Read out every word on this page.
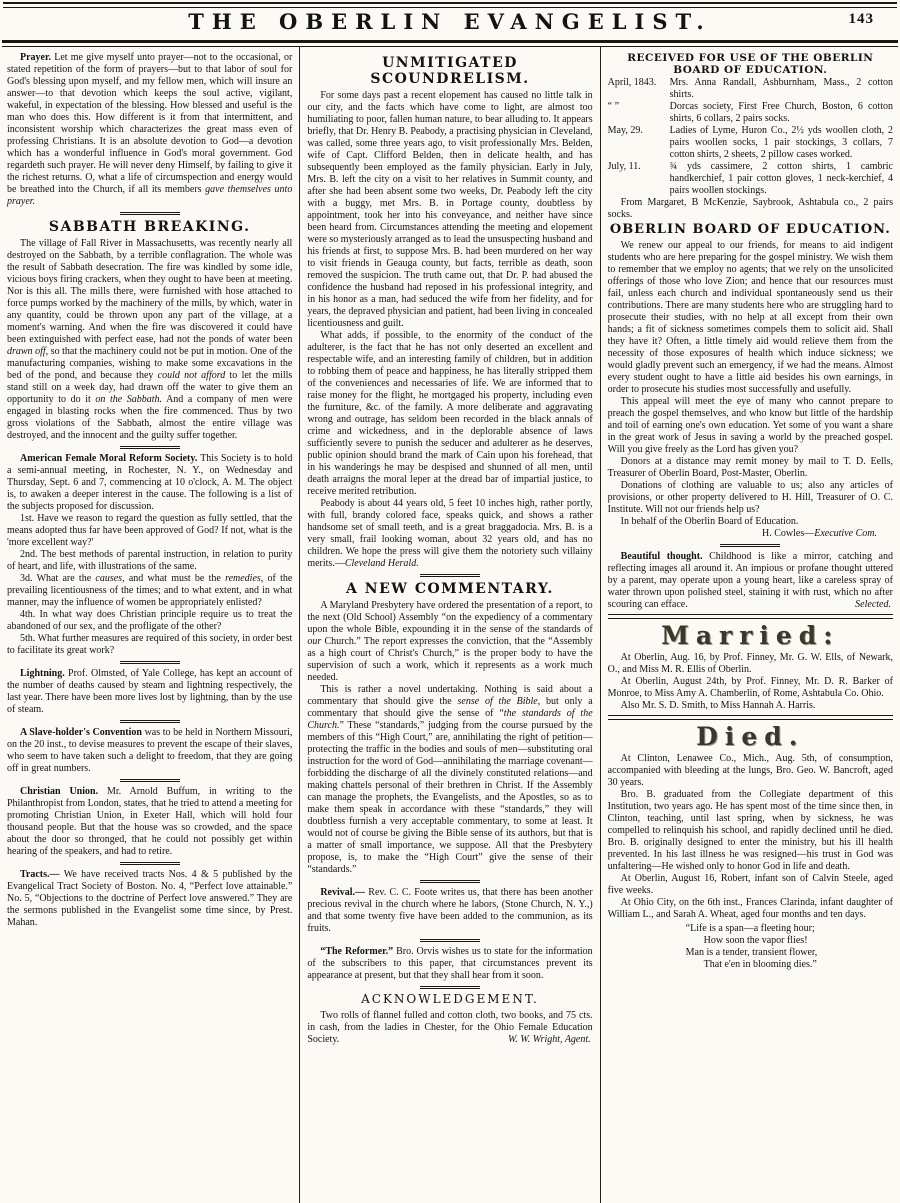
THE OBERLIN EVANGELIST.	143

Prayer. Let me give myself unto prayer—not to the occasional, or stated repetition of the form of prayers—but to that labor of soul for God's blessing upon myself, and my fellow men, which will insure an answer—to that devotion which keeps the soul active, vigilant, wakeful, in expectation of the blessing. How blessed and useful is the man who does this. How different is it from that intermittent, and inconsistent worship which characterizes the great mass even of professing Christians. It is an absolute devotion to God—a devotion which has a wonderful influence in God's moral government. God regardeth such prayer. He will never deny Himself, by failing to give it the richest returns. O, what a life of circumspection and energy would be breathed into the Church, if all its members gave themselves unto prayer.

SABBATH BREAKING.

The village of Fall River in Massachusetts, was recently nearly all destroyed on the Sabbath, by a terrible conflagration. The whole was the result of Sabbath desecration. The fire was kindled by some idle, vicious boys firing crackers, when they ought to have been at meeting. Nor is this all. The mills there, were furnished with hose attached to force pumps worked by the machinery of the mills, by which, water in any quantity, could be thrown upon any part of the village, at a moment's warning. And when the fire was discovered it could have been extinguished with perfect ease, had not the ponds of water been drawn off, so that the machinery could not be put in motion. One of the manufacturing companies, wishing to make some excavations in the bed of the pond, and because they could not afford to let the mills stand still on a week day, had drawn off the water to give them an opportunity to do it on the Sabbath. And a company of men were engaged in blasting rocks when the fire commenced. Thus by two gross violations of the Sabbath, almost the entire village was destroyed, and the innocent and the guilty suffer together.

American Female Moral Reform Society. This Society is to hold a semi-annual meeting, in Rochester, N. Y., on Wednesday and Thursday, Sept. 6 and 7, commencing at 10 o'clock, A. M. The object is, to awaken a deeper interest in the cause. The following is a list of the subjects proposed for discussion.

1st. Have we reason to regard the question as fully settled, that the means adopted thus far have been approved of God? If not, what is the 'more excellent way?'

2nd. The best methods of parental instruction, in relation to purity of heart, and life, with illustrations of the same.

3d. What are the causes, and what must be the remedies, of the prevailing licentiousness of the times; and to what extent, and in what manner, may the influence of women be appropriately enlisted?

4th. In what way does Christian principle require us to treat the abandoned of our sex, and the profligate of the other?

5th. What further measures are required of this society, in order best to facilitate its great work?

Lightning. Prof. Olmsted, of Yale College, has kept an account of the number of deaths caused by steam and lightning respectively, the last year. There have been more lives lost by lightning, than by the use of steam.

A Slave-holder's Convention was to be held in Northern Missouri, on the 20 inst., to devise measures to prevent the escape of their slaves, who seem to have taken such a delight to freedom, that they are going off in great numbers.

Christian Union. Mr. Arnold Buffum, in writing to the Philanthropist from London, states, that he tried to attend a meeting for promoting Christian Union, in Exeter Hall, which will hold four thousand people. But that the house was so crowded, and the space about the door so thronged, that he could not possibly get within hearing of the speakers, and had to retire.

Tracts.— We have received tracts Nos. 4 & 5 published by the Evangelical Tract Society of Boston. No. 4, “Perfect love attainable.” No. 5, “Objections to the doctrine of Perfect love answered.” They are the sermons published in the Evangelist some time since, by Prest. Mahan.

UNMITIGATED SCOUNDRELISM.

For some days past a recent elopement has caused no little talk in our city, and the facts which have come to light, are almost too humiliating to poor, fallen human nature, to bear alluding to. It appears briefly, that Dr. Henry B. Peabody, a practising physician in Cleveland, was called, some three years ago, to visit professionally Mrs. Belden, wife of Capt. Clifford Belden, then in delicate health, and has subsequently been employed as the family physician. Early in July, Mrs. B. left the city on a visit to her relatives in Summit county, and after she had been absent some two weeks, Dr. Peabody left the city with a buggy, met Mrs. B. in Portage county, doubtless by appointment, took her into his conveyance, and neither have since been heard from. Circumstances attending the meeting and elopement were so mysteriously arranged as to lead the unsuspecting husband and his friends at first, to suppose Mrs. B. had been murdered on her way to visit friends in Geauga county, but facts, terrible as death, soon removed the suspicion. The truth came out, that Dr. P. had abused the confidence the husband had reposed in his professional integrity, and in his honor as a man, had seduced the wife from her fidelity, and for years, the depraved physician and patient, had been living in concealed licentiousness and guilt.

What adds, if possible, to the enormity of the conduct of the adulterer, is the fact that he has not only deserted an excellent and respectable wife, and an interesting family of children, but in addition to robbing them of peace and happiness, he has literally stripped them of the conveniences and necessaries of life. We are informed that to raise money for the flight, he mortgaged his property, including even the furniture, &c. of the family. A more deliberate and aggravating wrong and outrage, has seldom been recorded in the black annals of crime and wickedness, and in the deplorable absence of laws sufficiently severe to punish the seducer and adulterer as he deserves, public opinion should brand the mark of Cain upon his forehead, that in his wanderings he may be despised and shunned of all men, until death arraigns the moral leper at the dread bar of impartial justice, to receive merited retribution.

Peabody is about 44 years old, 5 feet 10 inches high, rather portly, with full, brandy colored face, speaks quick, and shows a rather handsome set of small teeth, and is a great braggadocia. Mrs. B. is a very small, frail looking woman, about 32 years old, and has no children. We hope the press will give them the notoriety such villainy merits.—Cleveland Herald.

A NEW COMMENTARY.

A Maryland Presbytery have ordered the presentation of a report, to the next (Old School) Assembly “on the expediency of a commentary upon the whole Bible, expounding it in the sense of the standards of our Church.” The report expresses the conviction, that the “Assembly as a high court of Christ's Church,” is the proper body to have the supervision of such a work, which it represents as a work much needed.

This is rather a novel undertaking. Nothing is said about a commentary that should give the sense of the Bible, but only a commentary that should give the sense of “the standards of the Church.” These “standards,” judging from the course pursued by the members of this “High Court,” are, annihilating the right of petition—protecting the traffic in the bodies and souls of men—substituting oral instruction for the word of God—annihilating the marriage covenant—forbidding the discharge of all the divinely constituted relations—and making chattels personal of their brethren in Christ. If the Assembly can manage the prophets, the Evangelists, and the Apostles, so as to make them speak in accordance with these “standards,” they will doubtless furnish a very acceptable commentary, to some at least. It would not of course be giving the Bible sense of its authors, but that is a matter of small importance, we suppose. All that the Presbytery propose, is, to make the “High Court” give the sense of their “standards.”

Revival.— Rev. C. C. Foote writes us, that there has been another precious revival in the church where he labors, (Stone Church, N. Y.,) and that some twenty five have been added to the communion, as its fruits.

“The Reformer.” Bro. Orvis wishes us to state for the information of the subscribers to this paper, that circumstances prevent its appearance at present, but that they shall hear from it soon.

ACKNOWLEDGEMENT.

Two rolls of flannel fulled and cotton cloth, two books, and 75 cts. in cash, from the ladies in Chester, for the Ohio Female Education Society.	W. W. Wright, Agent.

RECEIVED FOR USE OF THE OBERLIN BOARD OF EDUCATION.
April, 1843.	Mrs. Anna Randall, Ashburnham, Mass., 2 cotton shirts.
“ ”	Dorcas society, First Free Church, Boston, 6 cotton shirts, 6 collars, 2 pairs socks.
May, 29.	Ladies of Lyme, Huron Co., 2½ yds woollen cloth, 2 pairs woollen socks, 1 pair stockings, 3 collars, 7 cotton shirts, 2 sheets, 2 pillow cases worked.
July, 11.	¾ yds cassimere, 2 cotton shirts, 1 cambric handkerchief, 1 pair cotton gloves, 1 neck-kerchief, 4 pairs woollen stockings.

From Margaret, B McKenzie, Saybrook, Ashtabula co., 2 pairs socks.

OBERLIN BOARD OF EDUCATION.

We renew our appeal to our friends, for means to aid indigent students who are here preparing for the gospel ministry. We wish them to remember that we employ no agents; that we rely on the unsolicited offerings of those who love Zion; and hence that our resources must fail, unless each church and individual spontaneously send us their contributions. There are many students here who are struggling hard to prosecute their studies, with no help at all except from their own hands; a fit of sickness sometimes compels them to solicit aid. Shall they have it? Often, a little timely aid would relieve them from the necessity of those exposures of health which induce sickness; we would gladly prevent such an emergency, if we had the means. Almost every student ought to have a little aid besides his own earnings, in order to prosecute his studies most successfully and usefully.

This appeal will meet the eye of many who cannot prepare to preach the gospel themselves, and who know but little of the hardship and toil of earning one's own education. Yet some of you want a share in the great work of Jesus in saving a world by the preached gospel. Will you give freely as the Lord has given you?

Donors at a distance may remit money by mail to T. D. Eells, Treasurer of Oberlin Board, Post-Master, Oberlin.

Donations of clothing are valuable to us; also any articles of provisions, or other property delivered to H. Hill, Treasurer of O. C. Institute. Will not our friends help us?

In behalf of the Oberlin Board of Education.

H. Cowles—Executive Com.

Beautiful thought. Childhood is like a mirror, catching and reflecting images all around it. An impious or profane thought uttered by a parent, may operate upon a young heart, like a careless spray of water thrown upon polished steel, staining it with rust, which no after scouring can efface.	Selected.

Married:

At Oberlin, Aug. 16, by Prof. Finney, Mr. G. W. Ells, of Newark, O., and Miss M. R. Ellis of Oberlin.

At Oberlin, August 24th, by Prof. Finney, Mr. D. R. Barker of Monroe, to Miss Amy A. Chamberlin, of Rome, Ashtabula Co. Ohio.

Also Mr. S. D. Smith, to Miss Hannah A. Harris.

Died.

At Clinton, Lenawee Co., Mich., Aug. 5th, of consumption, accompanied with bleeding at the lungs, Bro. Geo. W. Bancroft, aged 30 years.

Bro. B. graduated from the Collegiate department of this Institution, two years ago. He has spent most of the time since then, in Clinton, teaching, until last spring, when by sickness, he was compelled to relinquish his school, and rapidly declined until he died. Bro. B. originally designed to enter the ministry, but his ill health prevented. In his last illness he was resigned—his trust in God was unfaltering—He wished only to honor God in life and death.

At Oberlin, August 16, Robert, infant son of Calvin Steele, aged five weeks.

At Ohio City, on the 6th inst., Frances Clarinda, infant daughter of William L., and Sarah A. Wheat, aged four months and ten days.

“Life is a span—a fleeting hour;
How soon the vapor flies!
Man is a tender, transient flower,
That e'en in blooming dies.”
